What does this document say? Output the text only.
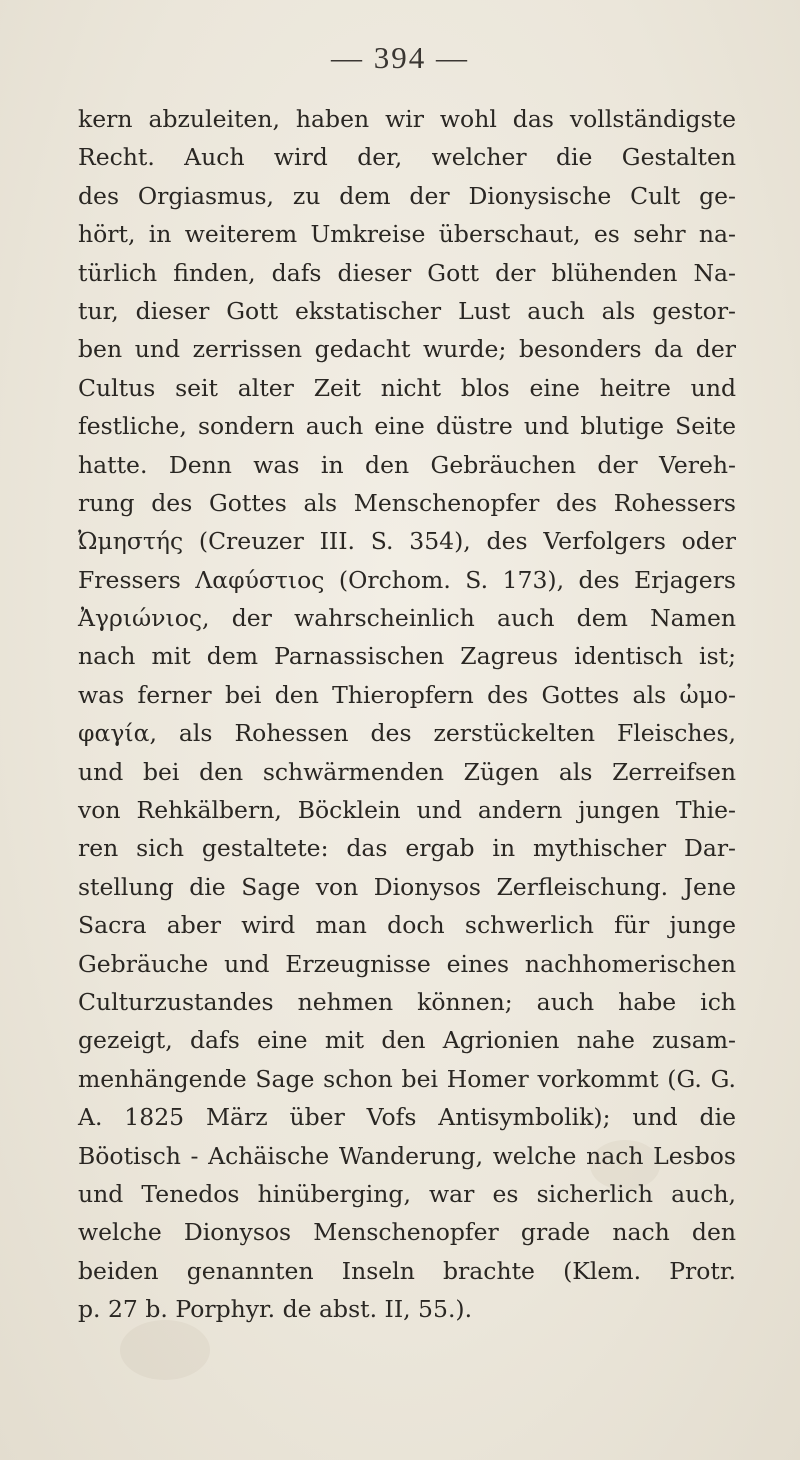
— 394 —
kern abzuleiten, haben wir wohl das vollständigste
Recht. Auch wird der, welcher die Gestalten
des Orgiasmus, zu dem der Dionysische Cult ge-
hört, in weiterem Umkreise überschaut, es sehr na-
türlich finden, dafs dieser Gott der blühenden Na-
tur, dieser Gott ekstatischer Lust auch als gestor-
ben und zerrissen gedacht wurde; besonders da der
Cultus seit alter Zeit nicht blos eine heitre und
festliche, sondern auch eine düstre und blutige Seite
hatte. Denn was in den Gebräuchen der Vereh-
rung des Gottes als Menschenopfer des Rohessers
Ὠμηστής (Creuzer III. S. 354), des Verfolgers oder
Fressers Λαφύστιος (Orchom. S. 173), des Erjagers
Ἀγριώνιος, der wahrscheinlich auch dem Namen
nach mit dem Parnassischen Zagreus identisch ist;
was ferner bei den Thieropfern des Gottes als ὠμο-
φαγία, als Rohessen des zerstückelten Fleisches,
und bei den schwärmenden Zügen als Zerreifsen
von Rehkälbern, Böcklein und andern jungen Thie-
ren sich gestaltete: das ergab in mythischer Dar-
stellung die Sage von Dionysos Zerfleischung. Jene
Sacra aber wird man doch schwerlich für junge
Gebräuche und Erzeugnisse eines nachhomerischen
Culturzustandes nehmen können; auch habe ich
gezeigt, dafs eine mit den Agrionien nahe zusam-
menhängende Sage schon bei Homer vorkommt (G. G.
A. 1825 März über Vofs Antisymbolik); und die
Böotisch - Achäische Wanderung, welche nach Lesbos
und Tenedos hinüberging, war es sicherlich auch,
welche Dionysos Menschenopfer grade nach den
beiden genannten Inseln brachte (Klem. Protr.
p. 27 b. Porphyr. de abst. II, 55.).
